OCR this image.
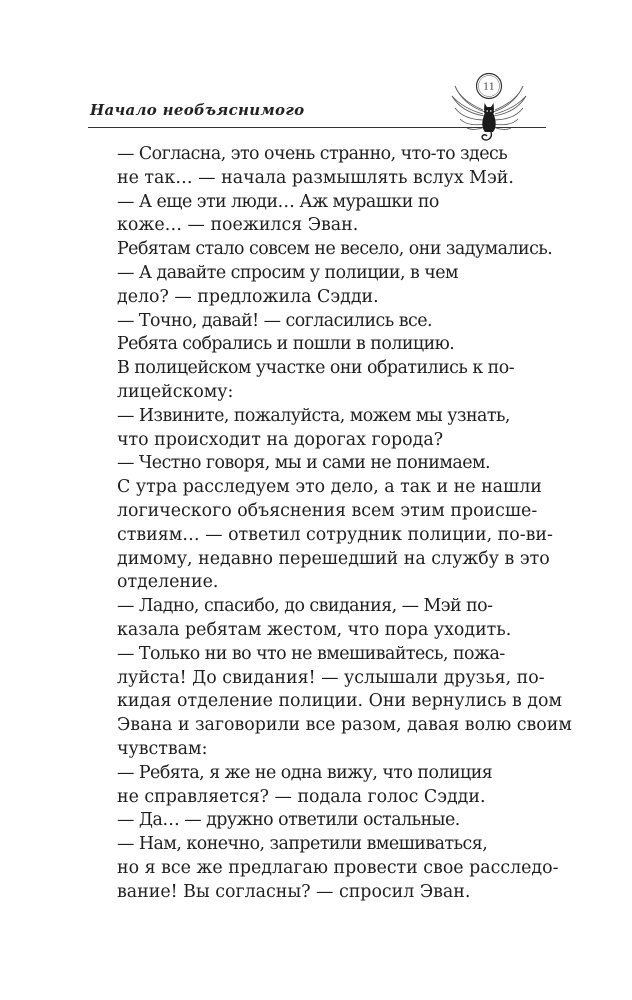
Начало необъяснимого
11

— Согласна, это очень странно, что-то здесь
не так… — начала размышлять вслух Мэй.

— А еще эти люди… Аж мурашки по
коже… — поежился Эван.

Ребятам стало совсем не весело, они задумались.

— А давайте спросим у полиции, в чем
дело? — предложила Сэдди.

— Точно, давай! — согласились все.

Ребята собрались и пошли в полицию.

В полицейском участке они обратились к по-
лицейскому:

— Извините, пожалуйста, можем мы узнать,
что происходит на дорогах города?

— Честно говоря, мы и сами не понимаем.
С утра расследуем это дело, а так и не нашли
логического объяснения всем этим происше-
ствиям… — ответил сотрудник полиции, по-ви-
димому, недавно перешедший на службу в это
отделение.

— Ладно, спасибо, до свидания, — Мэй по-
казала ребятам жестом, что пора уходить.

— Только ни во что не вмешивайтесь, пожа-
луйста! До свидания! — услышали друзья, по-
кидая отделение полиции. Они вернулись в дом
Эвана и заговорили все разом, давая волю своим
чувствам:

— Ребята, я же не одна вижу, что полиция
не справляется? — подала голос Сэдди.

— Да… — дружно ответили остальные.

— Нам, конечно, запретили вмешиваться,
но я все же предлагаю провести свое расследо-
вание! Вы согласны? — спросил Эван.
